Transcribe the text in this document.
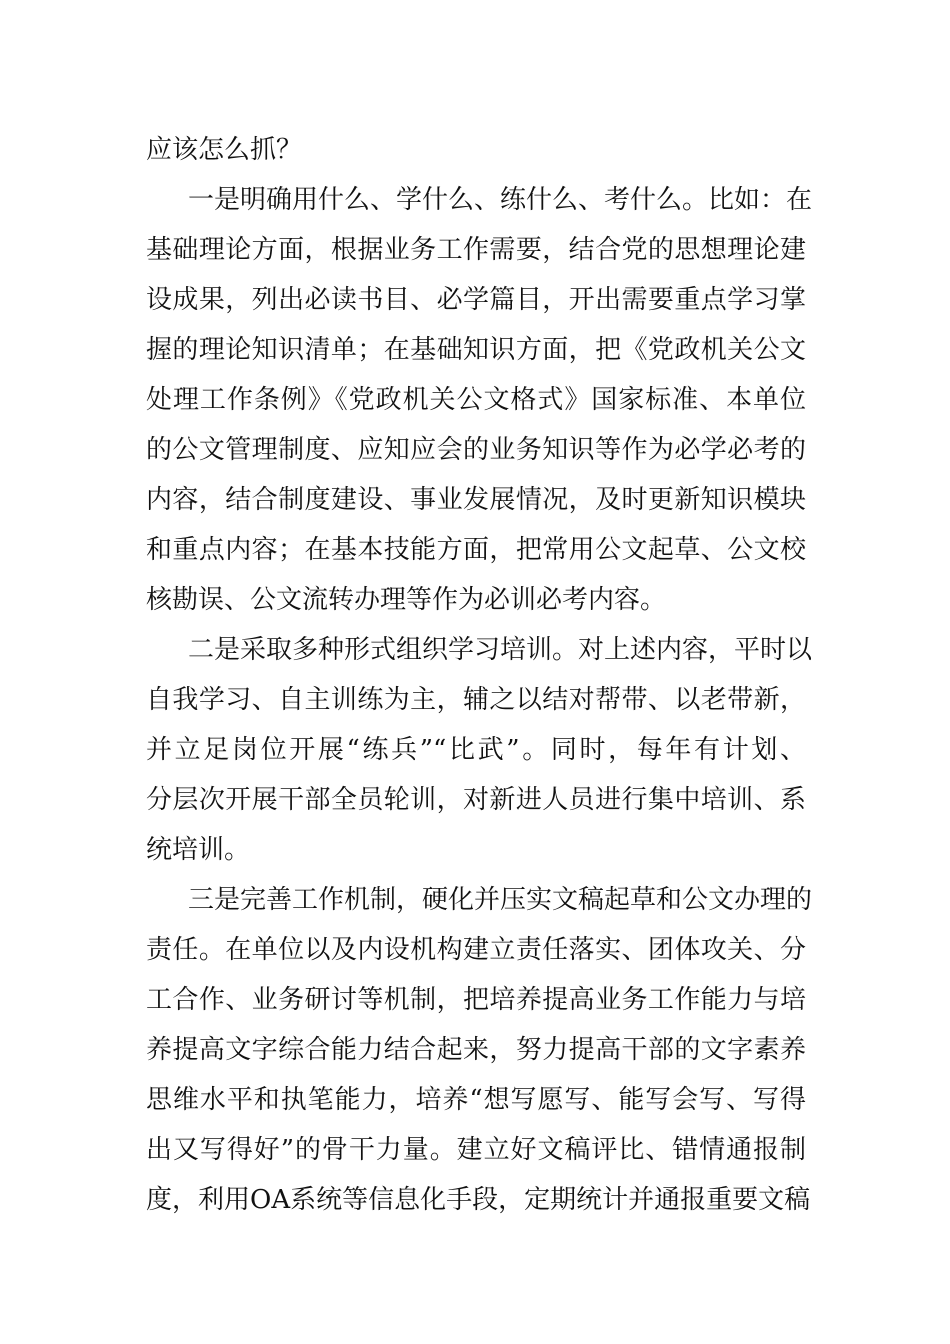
应该怎么抓？
一是明确用什么、学什么、练什么、考什么。比如：在
基础理论方面，根据业务工作需要，结合党的思想理论建
设成果，列出必读书目、必学篇目，开出需要重点学习掌
握的理论知识清单；在基础知识方面，把《党政机关公文
处理工作条例》《党政机关公文格式》国家标准、本单位
的公文管理制度、应知应会的业务知识等作为必学必考的
内容，结合制度建设、事业发展情况，及时更新知识模块
和重点内容；在基本技能方面，把常用公文起草、公文校
核勘误、公文流转办理等作为必训必考内容。
二是采取多种形式组织学习培训。对上述内容，平时以
自我学习、自主训练为主，辅之以结对帮带、以老带新，
并立足岗位开展“练兵”“比武”。同时，每年有计划、
分层次开展干部全员轮训，对新进人员进行集中培训、系
统培训。
三是完善工作机制，硬化并压实文稿起草和公文办理的
责任。在单位以及内设机构建立责任落实、团体攻关、分
工合作、业务研讨等机制，把培养提高业务工作能力与培
养提高文字综合能力结合起来，努力提高干部的文字素养
思维水平和执笔能力，培养“想写愿写、能写会写、写得
出又写得好”的骨干力量。建立好文稿评比、错情通报制
度，利用OA系统等信息化手段，定期统计并通报重要文稿
